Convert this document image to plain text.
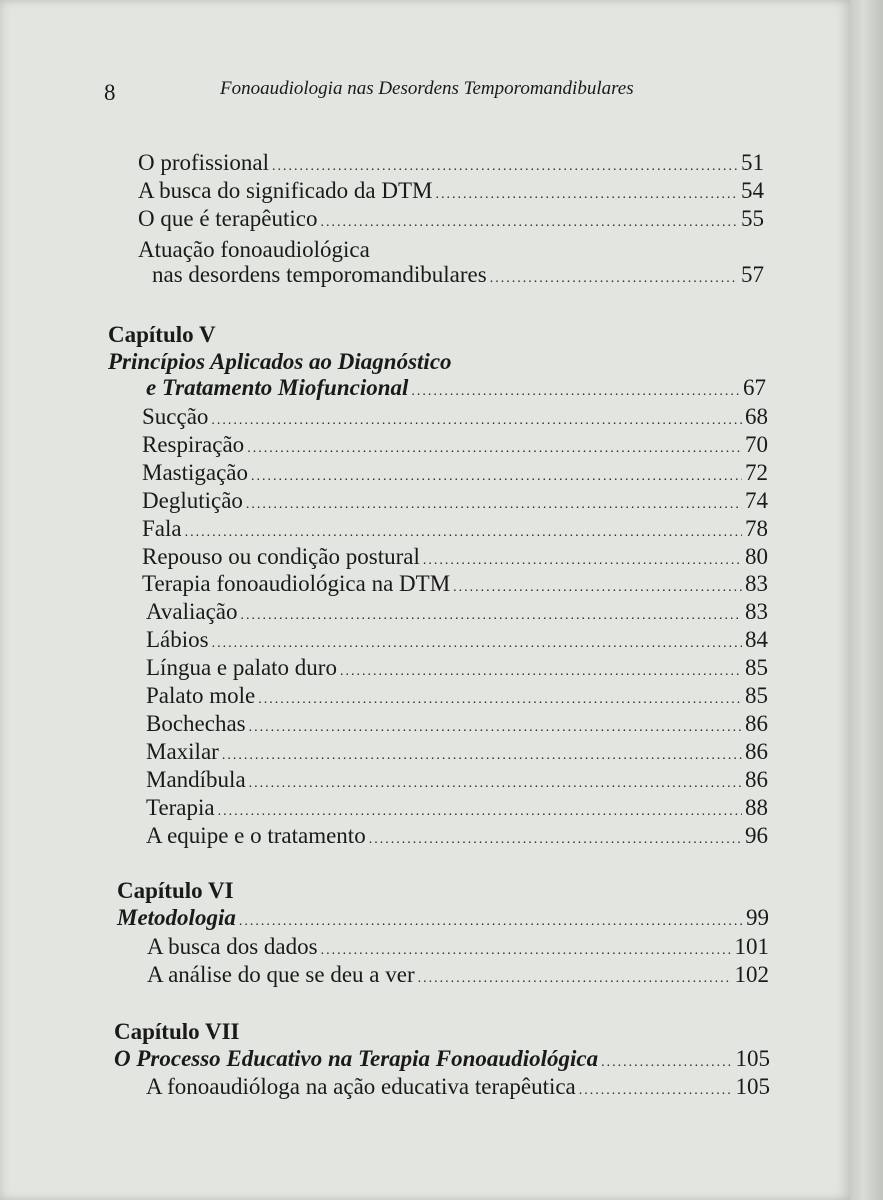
8	Fonoaudiologia nas Desordens Temporomandibulares
O profissional .....	51
A busca do significado da DTM .....	54
O que é terapêutico .....	55
Atuação fonoaudiológica
nas desordens temporomandibulares .....	57
Capítulo V
Princípios Aplicados ao Diagnóstico
e Tratamento Miofuncional .....	67
Sucção .....	68
Respiração .....	70
Mastigação .....	72
Deglutição .....	74
Fala .....	78
Repouso ou condição postural .....	80
Terapia fonoaudiológica na DTM .....	83
Avaliação .....	83
Lábios .....	84
Língua e palato duro .....	85
Palato mole .....	85
Bochechas .....	86
Maxilar .....	86
Mandíbula .....	86
Terapia .....	88
A equipe e o tratamento .....	96
Capítulo VI
Metodologia .....	99
A busca dos dados .....	101
A análise do que se deu a ver .....	102
Capítulo VII
O Processo Educativo na Terapia Fonoaudiológica .....	105
A fonoaudióloga na ação educativa terapêutica .....	105
